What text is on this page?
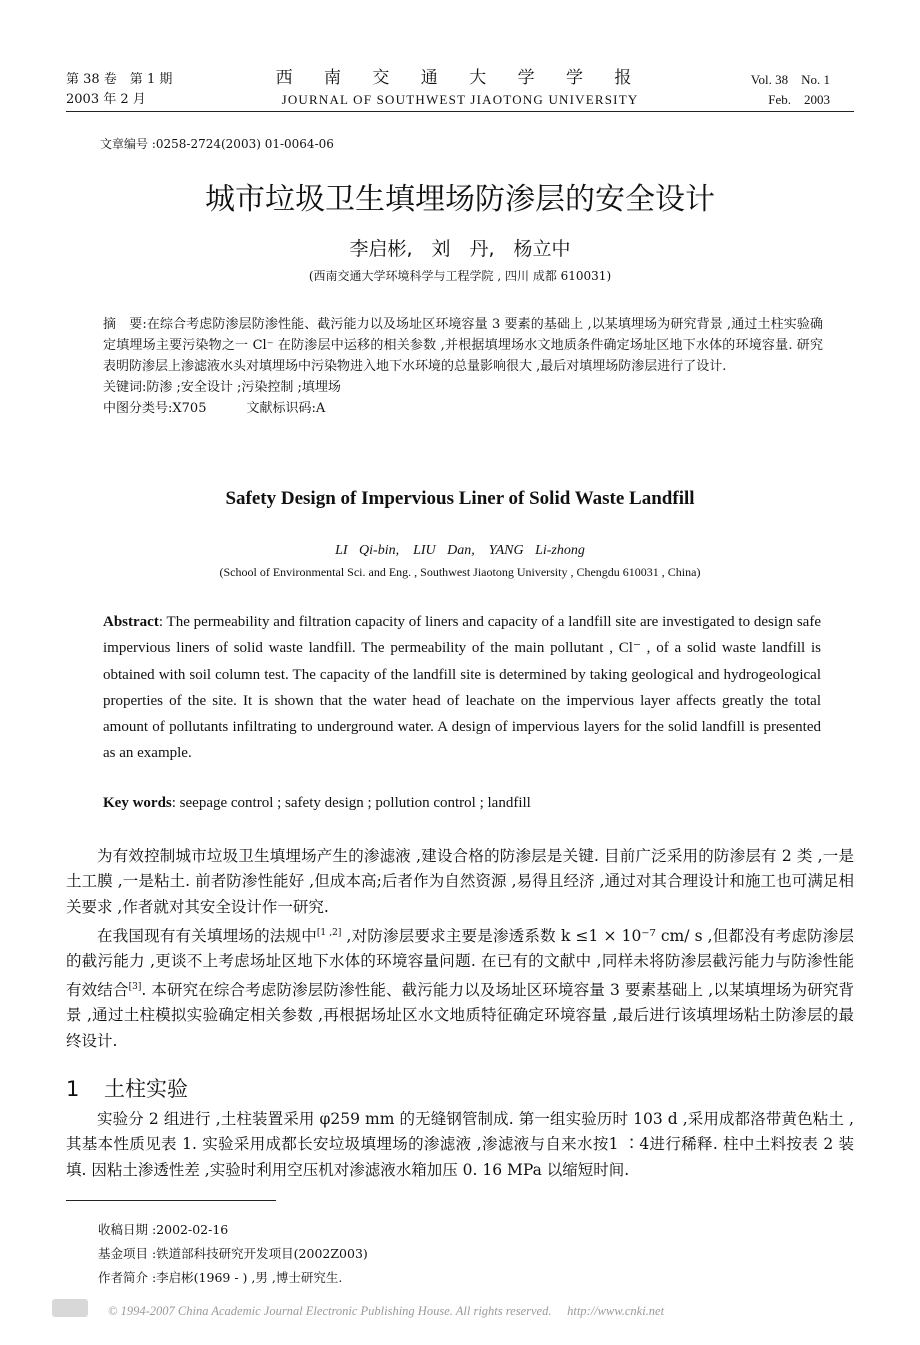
第 38 卷　第 1 期
2003 年 2 月
西 南 交 通 大 学 学 报
JOURNAL OF SOUTHWEST JIAOTONG UNIVERSITY
Vol. 38　No. 1
Feb.　2003
文章编号 :0258-2724(2003) 01-0064-06
城市垃圾卫生填埋场防渗层的安全设计
李启彬,　刘　丹,　杨立中
(西南交通大学环境科学与工程学院 , 四川 成都 610031)
摘　要:在综合考虑防渗层防渗性能、截污能力以及场址区环境容量 3 要素的基础上 ,以某填埋场为研究背景 ,通过土柱实验确定填埋场主要污染物之一 Cl⁻ 在防渗层中运移的相关参数 ,并根据填埋场水文地质条件确定场址区地下水体的环境容量. 研究表明防渗层上渗滤液水头对填埋场中污染物进入地下水环境的总量影响很大 ,最后对填埋场防渗层进行了设计.
关键词:防渗 ;安全设计 ;污染控制 ;填埋场
中图分类号:X705	文献标识码:A
Safety Design of Impervious Liner of Solid Waste Landfill
LI Qi-bin,　LIU Dan,　YANG Li-zhong
(School of Environmental Sci. and Eng. , Southwest Jiaotong University , Chengdu 610031 , China)
Abstract: The permeability and filtration capacity of liners and capacity of a landfill site are investigated to design safe impervious liners of solid waste landfill. The permeability of the main pollutant , Cl⁻ , of a solid waste landfill is obtained with soil column test. The capacity of the landfill site is determined by taking geological and hydrogeological properties of the site. It is shown that the water head of leachate on the impervious layer affects greatly the total amount of pollutants infiltrating to underground water. A design of impervious layers for the solid landfill is presented as an example.
Key words: seepage control ; safety design ; pollution control ; landfill

为有效控制城市垃圾卫生填埋场产生的渗滤液 ,建设合格的防渗层是关键. 目前广泛采用的防渗层有 2 类 ,一是土工膜 ,一是粘土. 前者防渗性能好 ,但成本高;后者作为自然资源 ,易得且经济 ,通过对其合理设计和施工也可满足相关要求 ,作者就对其安全设计作一研究.

在我国现有有关填埋场的法规中[1 ,2] ,对防渗层要求主要是渗透系数 k ≤1 × 10⁻⁷ cm/ s ,但都没有考虑防渗层的截污能力 ,更谈不上考虑场址区地下水体的环境容量问题. 在已有的文献中 ,同样未将防渗层截污能力与防渗性能有效结合[3]. 本研究在综合考虑防渗层防渗性能、截污能力以及场址区环境容量 3 要素基础上 ,以某填埋场为研究背景 ,通过土柱模拟实验确定相关参数 ,再根据场址区水文地质特征确定环境容量 ,最后进行该填埋场粘土防渗层的最终设计.

1 土柱实验

实验分 2 组进行 ,土柱装置采用 φ259 mm 的无缝钢管制成. 第一组实验历时 103 d ,采用成都洛带黄色粘土 ,其基本性质见表 1. 实验采用成都长安垃圾填埋场的渗滤液 ,渗滤液与自来水按1 ∶4进行稀释. 柱中土料按表 2 装填. 因粘土渗透性差 ,实验时利用空压机对渗滤液水箱加压 0. 16 MPa 以缩短时间.

收稿日期 :2002-02-16
基金项目 :铁道部科技研究开发项目(2002Z003)
作者简介 :李启彬(1969 - ) ,男 ,博士研究生.
© 1994-2007 China Academic Journal Electronic Publishing House. All rights reserved.　 http://www.cnki.net
